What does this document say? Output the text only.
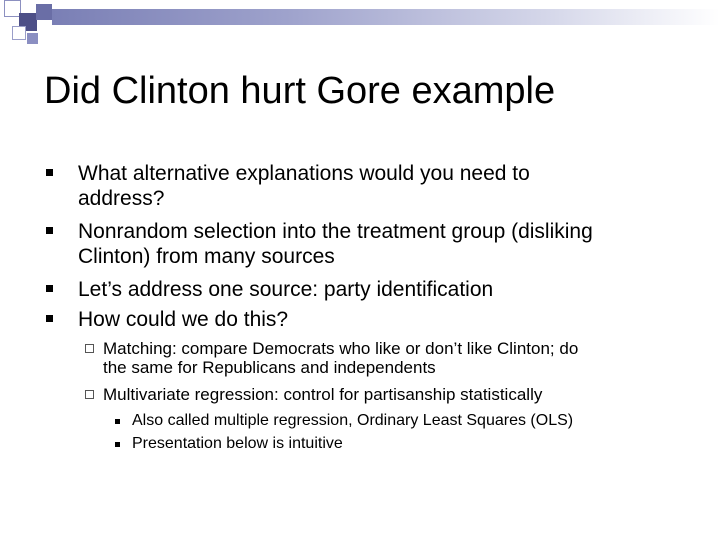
Did Clinton hurt Gore example
What alternative explanations would you need to
address?
Nonrandom selection into the treatment group (disliking
Clinton) from many sources
Let’s address one source: party identification
How could we do this?
Matching: compare Democrats who like or don’t like Clinton; do
the same for Republicans and independents
Multivariate regression: control for partisanship statistically
Also called multiple regression, Ordinary Least Squares (OLS)
Presentation below is intuitive
